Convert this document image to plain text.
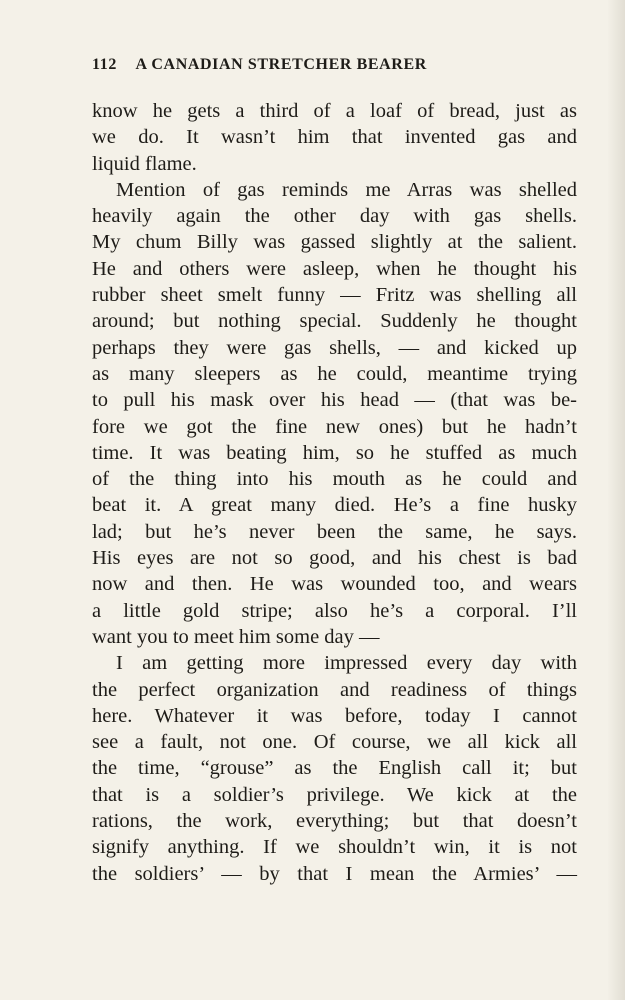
112 A CANADIAN STRETCHER BEARER
know he gets a third of a loaf of bread, just as
we do. It wasn’t him that invented gas and
liquid flame.
Mention of gas reminds me Arras was shelled
heavily again the other day with gas shells.
My chum Billy was gassed slightly at the salient.
He and others were asleep, when he thought his
rubber sheet smelt funny — Fritz was shelling all
around; but nothing special. Suddenly he thought
perhaps they were gas shells, — and kicked up
as many sleepers as he could, meantime trying
to pull his mask over his head — (that was be-
fore we got the fine new ones) but he hadn’t
time. It was beating him, so he stuffed as much
of the thing into his mouth as he could and
beat it. A great many died. He’s a fine husky
lad; but he’s never been the same, he says.
His eyes are not so good, and his chest is bad
now and then. He was wounded too, and wears
a little gold stripe; also he’s a corporal. I’ll
want you to meet him some day —
I am getting more impressed every day with
the perfect organization and readiness of things
here. Whatever it was before, today I cannot
see a fault, not one. Of course, we all kick all
the time, “grouse” as the English call it; but
that is a soldier’s privilege. We kick at the
rations, the work, everything; but that doesn’t
signify anything. If we shouldn’t win, it is not
the soldiers’ — by that I mean the Armies’ —
